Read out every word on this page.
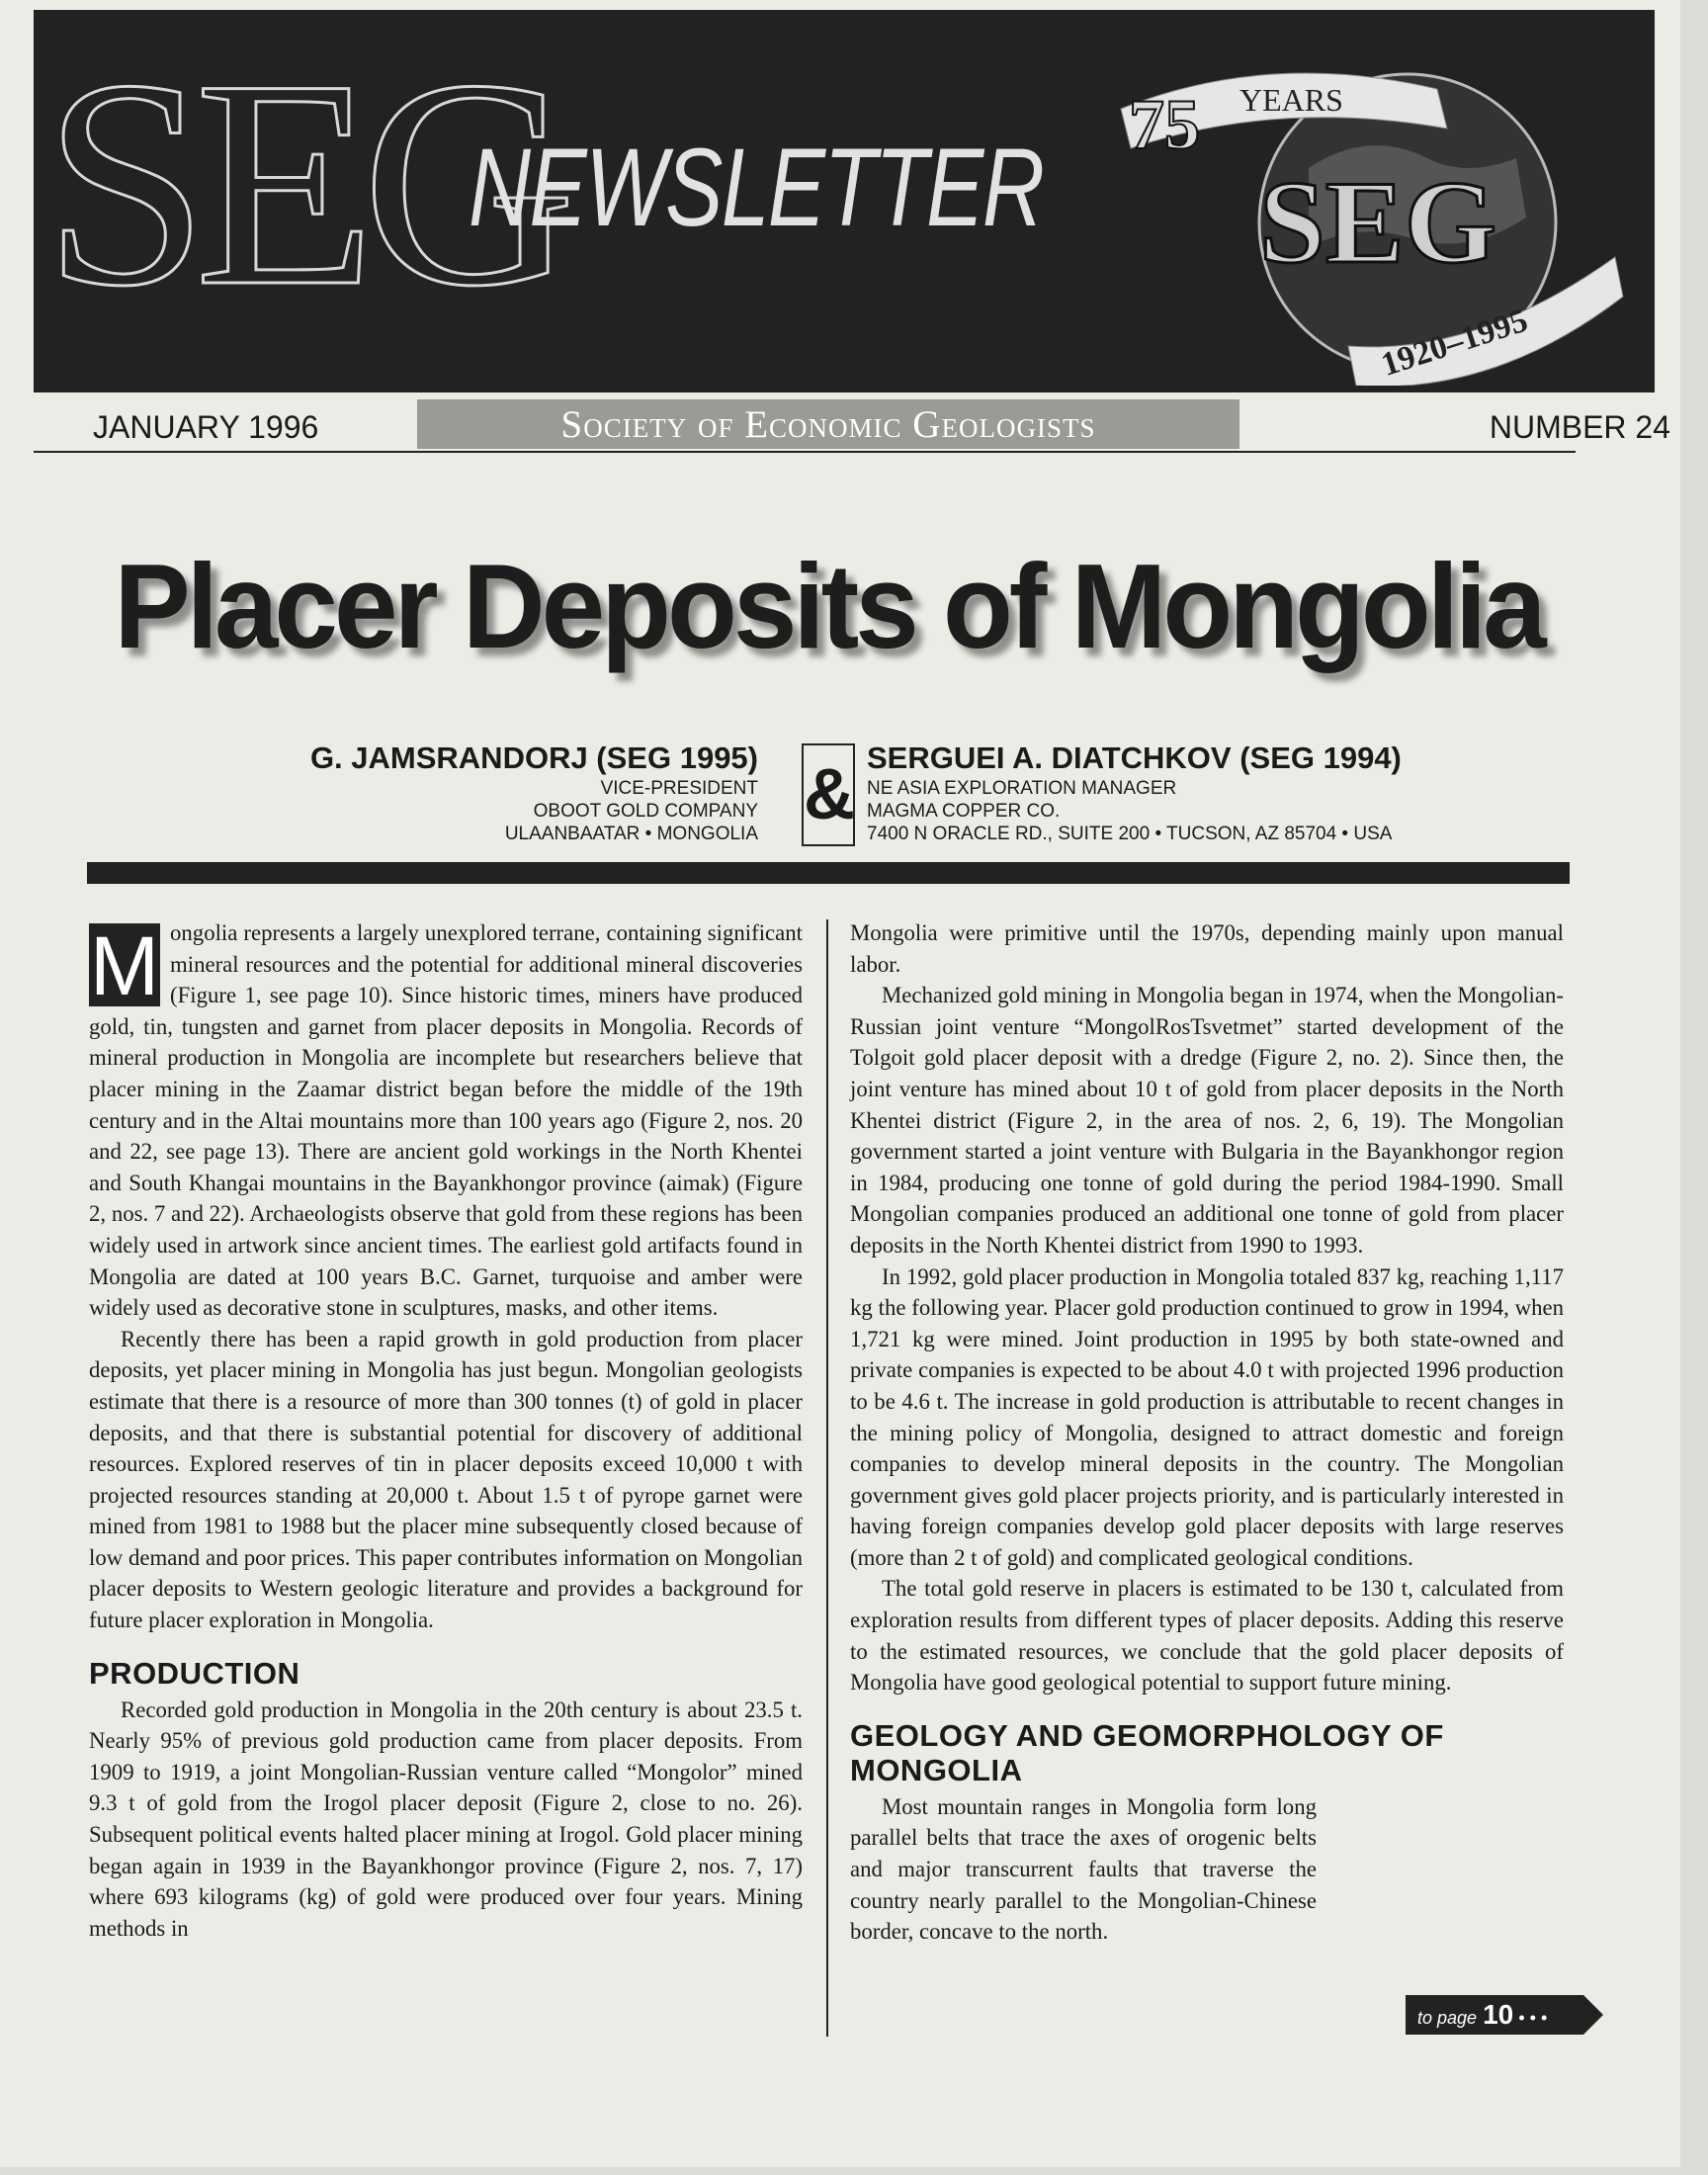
SEG
NEWSLETTER
75 YEARS
SEG
1920–1995
JANUARY 1996	Society of Economic Geologists	NUMBER 24
Placer Deposits of Mongolia
G. JAMSRANDORJ (SEG 1995)
VICE-PRESIDENT
OBOOT GOLD COMPANY
ULAANBAATAR • MONGOLIA & SERGUEI A. DIATCHKOV (SEG 1994)
NE ASIA EXPLORATION MANAGER
MAGMA COPPER CO.
7400 N ORACLE RD., SUITE 200 • TUCSON, AZ 85704 • USA

M ongolia represents a largely unexplored terrane, containing significant mineral resources and the potential for additional mineral discoveries (Figure 1, see page 10). Since historic times, miners have produced gold, tin, tungsten and garnet from placer deposits in Mongolia. Records of mineral production in Mongolia are incomplete but researchers believe that placer mining in the Zaamar district began before the middle of the 19th century and in the Altai mountains more than 100 years ago (Figure 2, nos. 20 and 22, see page 13). There are ancient gold workings in the North Khentei and South Khangai mountains in the Bayankhongor province (aimak) (Figure 2, nos. 7 and 22). Archaeologists observe that gold from these regions has been widely used in artwork since ancient times. The earliest gold artifacts found in Mongolia are dated at 100 years B.C. Garnet, turquoise and amber were widely used as decorative stone in sculptures, masks, and other items.

Recently there has been a rapid growth in gold production from placer deposits, yet placer mining in Mongolia has just begun. Mongolian geologists estimate that there is a resource of more than 300 tonnes (t) of gold in placer deposits, and that there is substantial potential for discovery of additional resources. Explored reserves of tin in placer deposits exceed 10,000 t with projected resources standing at 20,000 t. About 1.5 t of pyrope garnet were mined from 1981 to 1988 but the placer mine subsequently closed because of low demand and poor prices. This paper contributes information on Mongolian placer deposits to Western geologic literature and provides a background for future placer exploration in Mongolia.

PRODUCTION

Recorded gold production in Mongolia in the 20th century is about 23.5 t. Nearly 95% of previous gold production came from placer deposits. From 1909 to 1919, a joint Mongolian-Russian venture called “Mongolor” mined 9.3 t of gold from the Irogol placer deposit (Figure 2, close to no. 26). Subsequent political events halted placer mining at Irogol. Gold placer mining began again in 1939 in the Bayankhongor province (Figure 2, nos. 7, 17) where 693 kilograms (kg) of gold were produced over four years. Mining methods in

Mongolia were primitive until the 1970s, depending mainly upon manual labor.

Mechanized gold mining in Mongolia began in 1974, when the Mongolian-Russian joint venture “MongolRosTsvetmet” started development of the Tolgoit gold placer deposit with a dredge (Figure 2, no. 2). Since then, the joint venture has mined about 10 t of gold from placer deposits in the North Khentei district (Figure 2, in the area of nos. 2, 6, 19). The Mongolian government started a joint venture with Bulgaria in the Bayankhongor region in 1984, producing one tonne of gold during the period 1984-1990. Small Mongolian companies produced an additional one tonne of gold from placer deposits in the North Khentei district from 1990 to 1993.

In 1992, gold placer production in Mongolia totaled 837 kg, reaching 1,117 kg the following year. Placer gold production continued to grow in 1994, when 1,721 kg were mined. Joint production in 1995 by both state-owned and private companies is expected to be about 4.0 t with projected 1996 production to be 4.6 t. The increase in gold production is attributable to recent changes in the mining policy of Mongolia, designed to attract domestic and foreign companies to develop mineral deposits in the country. The Mongolian government gives gold placer projects priority, and is particularly interested in having foreign companies develop gold placer deposits with large reserves (more than 2 t of gold) and complicated geological conditions.

The total gold reserve in placers is estimated to be 130 t, calculated from exploration results from different types of placer deposits. Adding this reserve to the estimated resources, we conclude that the gold placer deposits of Mongolia have good geological potential to support future mining.

GEOLOGY AND GEOMORPHOLOGY OF MONGOLIA

Most mountain ranges in Mongolia form long parallel belts that trace the axes of orogenic belts and major transcurrent faults that traverse the country nearly parallel to the Mongolian-Chinese border, concave to the north.

to page 10 • • •
